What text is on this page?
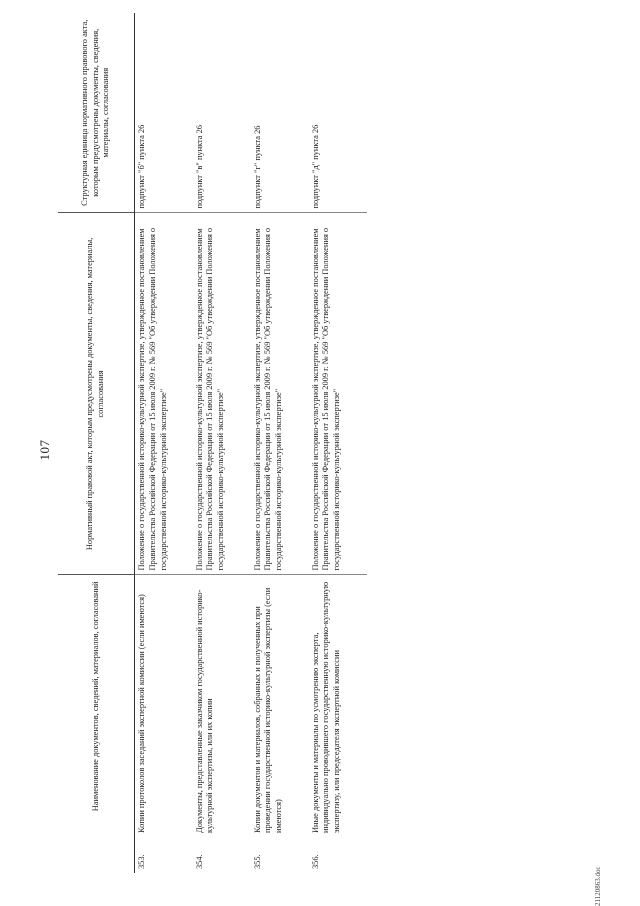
107
	Наименование документов, сведений, материалов, согласований	Нормативный правовой акт, которым предусмотрены документы, сведения, материалы, согласования	Структурная единица нормативного правового акта, которым предусмотрены документы, сведения, материалы, согласования
353.	Копии протоколов заседаний экспертной комиссии (если имеются)	Положение о государственной историко-культурной экспертизе, утвержденное постановлением Правительства Российской Федерации от 15 июля 2009 г. № 569 "Об утверждении Положения о государственной историко-культурной экспертизе"	подпункт "б" пункта 26
354.	Документы, представленные заказчиком государственной историко-культурной экспертизы, или их копии	Положение о государственной историко-культурной экспертизе, утвержденное постановлением Правительства Российской Федерации от 15 июля 2009 г. № 569 "Об утверждении Положения о государственной историко-культурной экспертизе"	подпункт "в" пункта 26
355.	Копии документов и материалов, собранных и полученных при проведении государственной историко-культурной экспертизы (если имеются)	Положение о государственной историко-культурной экспертизе, утвержденное постановлением Правительства Российской Федерации от 15 июля 2009 г. № 569 "Об утверждении Положения о государственной историко-культурной экспертизе"	подпункт "г" пункта 26
356.	Иные документы и материалы по усмотрению эксперта, индивидуально проводившего государственную историко-культурную экспертизу, или председателя экспертной комиссии	Положение о государственной историко-культурной экспертизе, утвержденное постановлением Правительства Российской Федерации от 15 июля 2009 г. № 569 "Об утверждении Положения о государственной историко-культурной экспертизе"	подпункт "д" пункта 26
21120863.doc
